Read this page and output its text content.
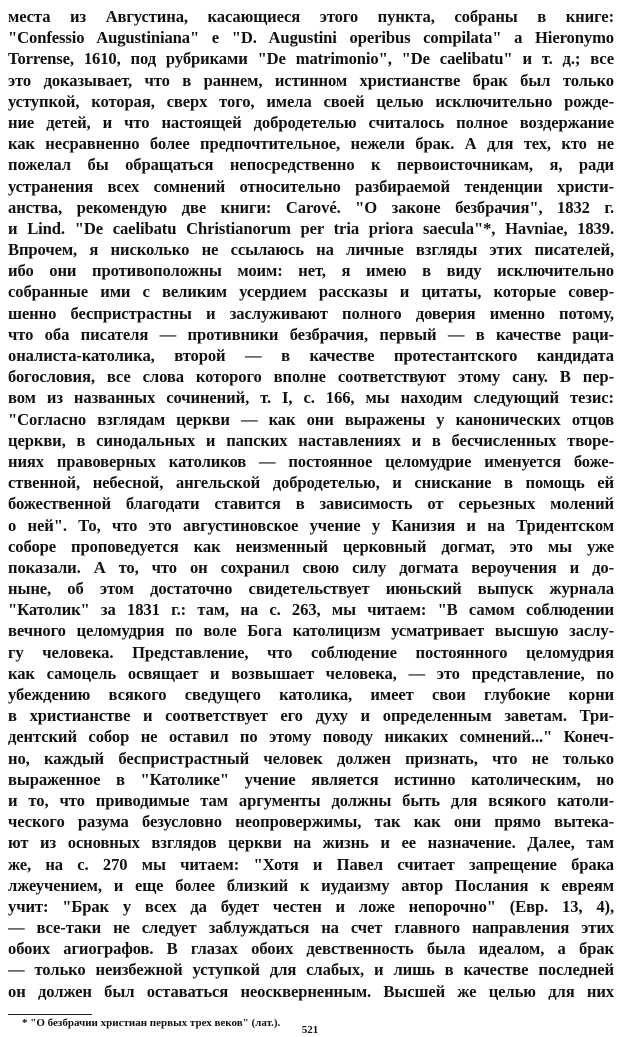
места из Августина, касающиеся этого пункта, собраны в книге:
"Confessio Augustiniana" e "D. Augustini operibus compilata" a Hieronymo
Torrense, 1610, под рубриками "De matrimonio", "De caelibatu" и т. д.; все
это доказывает, что в раннем, истинном христианстве брак был только
уступкой, которая, сверх того, имела своей целью исключительно рожде-
ние детей, и что настоящей добродетелью считалось полное воздержание
как несравненно более предпочтительное, нежели брак. А для тех, кто не
пожелал бы обращаться непосредственно к первоисточникам, я, ради
устранения всех сомнений относительно разбираемой тенденции христи-
анства, рекомендую две книги: Carové. "О законе безбрачия", 1832 г.
и Lind. "De caelibatu Christianorum per tria priora saecula"*, Havniae, 1839.
Впрочем, я нисколько не ссылаюсь на личные взгляды этих писателей,
ибо они противоположны моим: нет, я имею в виду исключительно
собранные ими с великим усердием рассказы и цитаты, которые совер-
шенно беспристрастны и заслуживают полного доверия именно потому,
что оба писателя — противники безбрачия, первый — в качестве раци-
оналиста-католика, второй — в качестве протестантского кандидата
богословия, все слова которого вполне соответствуют этому сану. В пер-
вом из названных сочинений, т. I, с. 166, мы находим следующий тезис:
"Согласно взглядам церкви — как они выражены у канонических отцов
церкви, в синодальных и папских наставлениях и в бесчисленных творе-
ниях правоверных католиков — постоянное целомудрие именуется боже-
ственной, небесной, ангельской добродетелью, и снискание в помощь ей
божественной благодати ставится в зависимость от серьезных молений
о ней". То, что это августиновское учение у Канизия и на Тридентском
соборе проповедуется как неизменный церковный догмат, это мы уже
показали. А то, что он сохранил свою силу догмата вероучения и до-
ныне, об этом достаточно свидетельствует июньский выпуск журнала
"Католик" за 1831 г.: там, на с. 263, мы читаем: "В самом соблюдении
вечного целомудрия по воле Бога католицизм усматривает высшую заслу-
гу человека. Представление, что соблюдение постоянного целомудрия
как самоцель освящает и возвышает человека, — это представление, по
убеждению всякого сведущего католика, имеет свои глубокие корни
в христианстве и соответствует его духу и определенным заветам. Три-
дентский собор не оставил по этому поводу никаких сомнений..." Конеч-
но, каждый беспристрастный человек должен признать, что не только
выраженное в "Католике" учение является истинно католическим, но
и то, что приводимые там аргументы должны быть для всякого католи-
ческого разума безусловно неопровержимы, так как они прямо вытека-
ют из основных взглядов церкви на жизнь и ее назначение. Далее, там
же, на с. 270 мы читаем: "Хотя и Павел считает запрещение брака
лжеучением, и еще более близкий к иудаизму автор Послания к евреям
учит: "Брак у всех да будет честен и ложе непорочно" (Евр. 13, 4),
— все-таки не следует заблуждаться на счет главного направления этих
обоих агиографов. В глазах обоих девственность была идеалом, а брак
— только неизбежной уступкой для слабых, и лишь в качестве последней
он должен был оставаться неоскверненным. Высшей же целью для них
* "О безбрачии христиан первых трех веков" (лат.).
521
